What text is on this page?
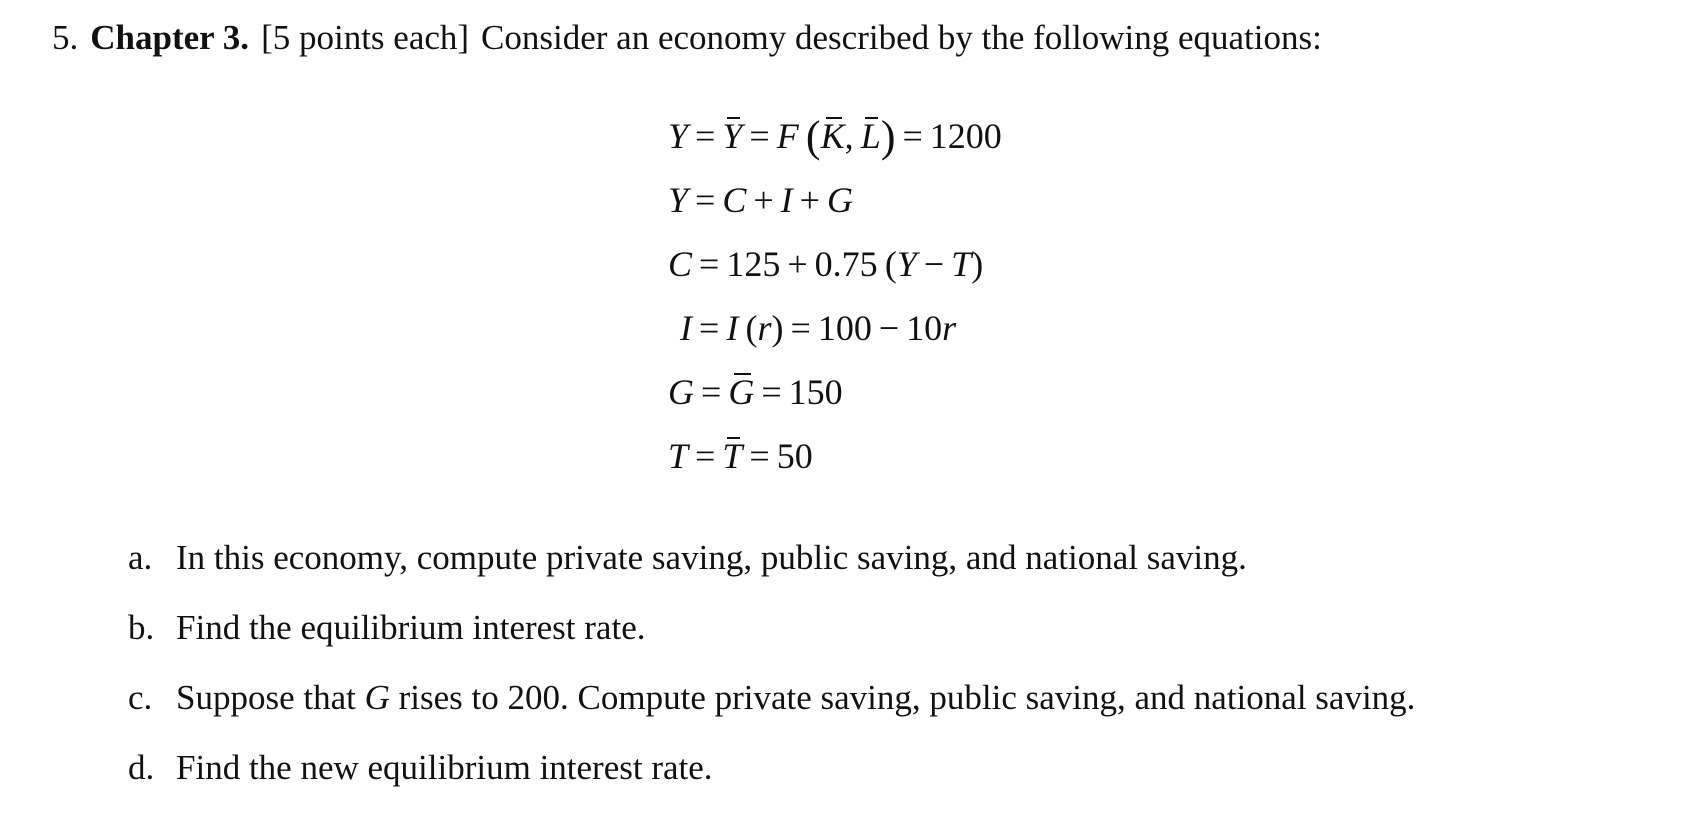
5. Chapter 3. [5 points each] Consider an economy described by the following equations:
Y = Y = F  (K, L) = 1200
Y = C + I + G
C = 125 + 0.75 (Y − T)
I = I (r) = 100 − 10r
G = G = 150
T = T = 50
a. In this economy, compute private saving, public saving, and national saving.
b. Find the equilibrium interest rate.
c. Suppose that G rises to 200. Compute private saving, public saving, and national saving.
d. Find the new equilibrium interest rate.
